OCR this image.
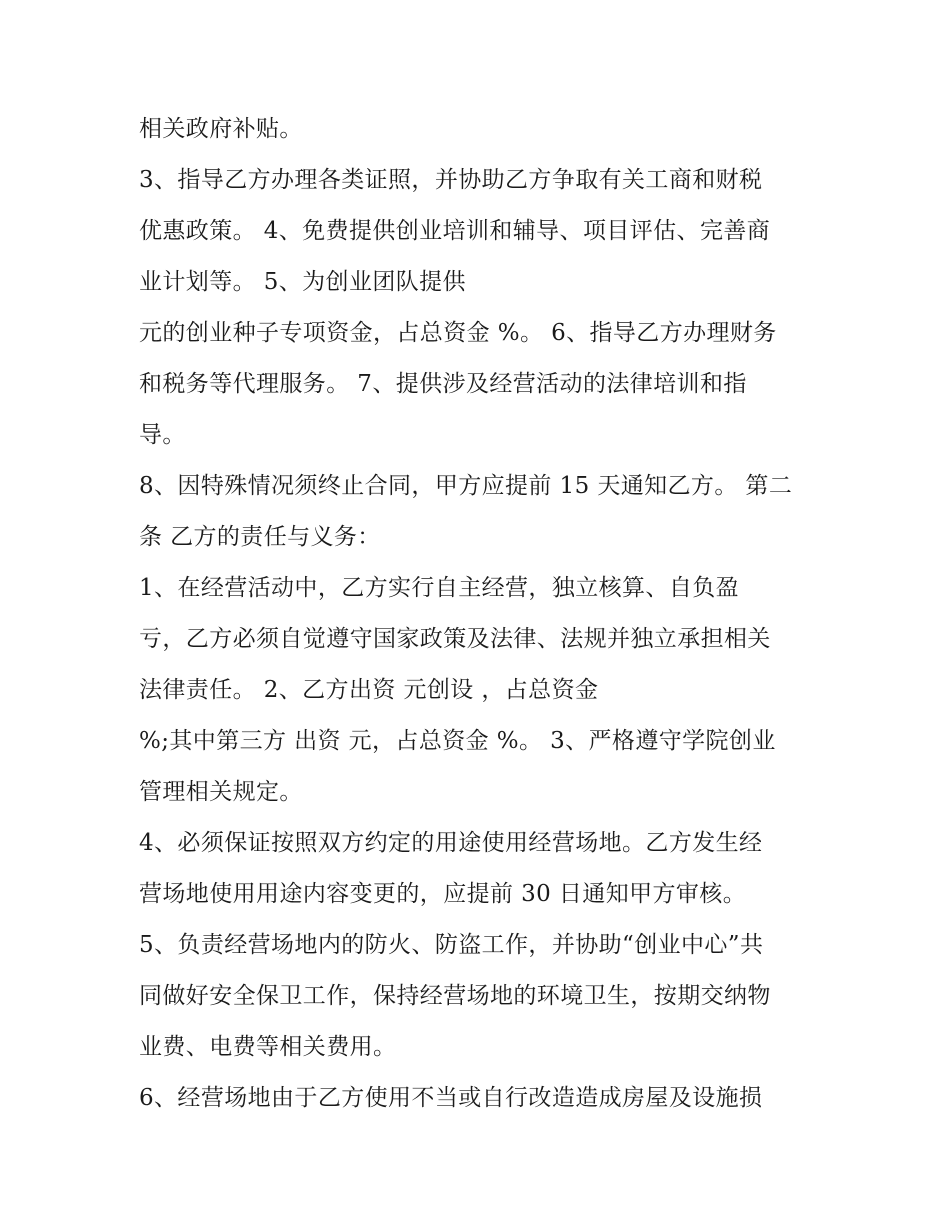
相关政府补贴。
3、指导乙方办理各类证照，并协助乙方争取有关工商和财税
优惠政策。 4、免费提供创业培训和辅导、项目评估、完善商
业计划等。 5、为创业团队提供
元的创业种子专项资金，占总资金 %。 6、指导乙方办理财务
和税务等代理服务。 7、提供涉及经营活动的法律培训和指
导。
8、因特殊情况须终止合同，甲方应提前 15 天通知乙方。 第二
条 乙方的责任与义务：
1、在经营活动中，乙方实行自主经营，独立核算、自负盈
亏，乙方必须自觉遵守国家政策及法律、法规并独立承担相关
法律责任。 2、乙方出资 元创设 ，占总资金
%;其中第三方 出资 元，占总资金 %。 3、严格遵守学院创业
管理相关规定。
4、必须保证按照双方约定的用途使用经营场地。乙方发生经
营场地使用用途内容变更的，应提前 30 日通知甲方审核。
5、负责经营场地内的防火、防盗工作，并协助“创业中心”共
同做好安全保卫工作，保持经营场地的环境卫生，按期交纳物
业费、电费等相关费用。
6、经营场地由于乙方使用不当或自行改造造成房屋及设施损
